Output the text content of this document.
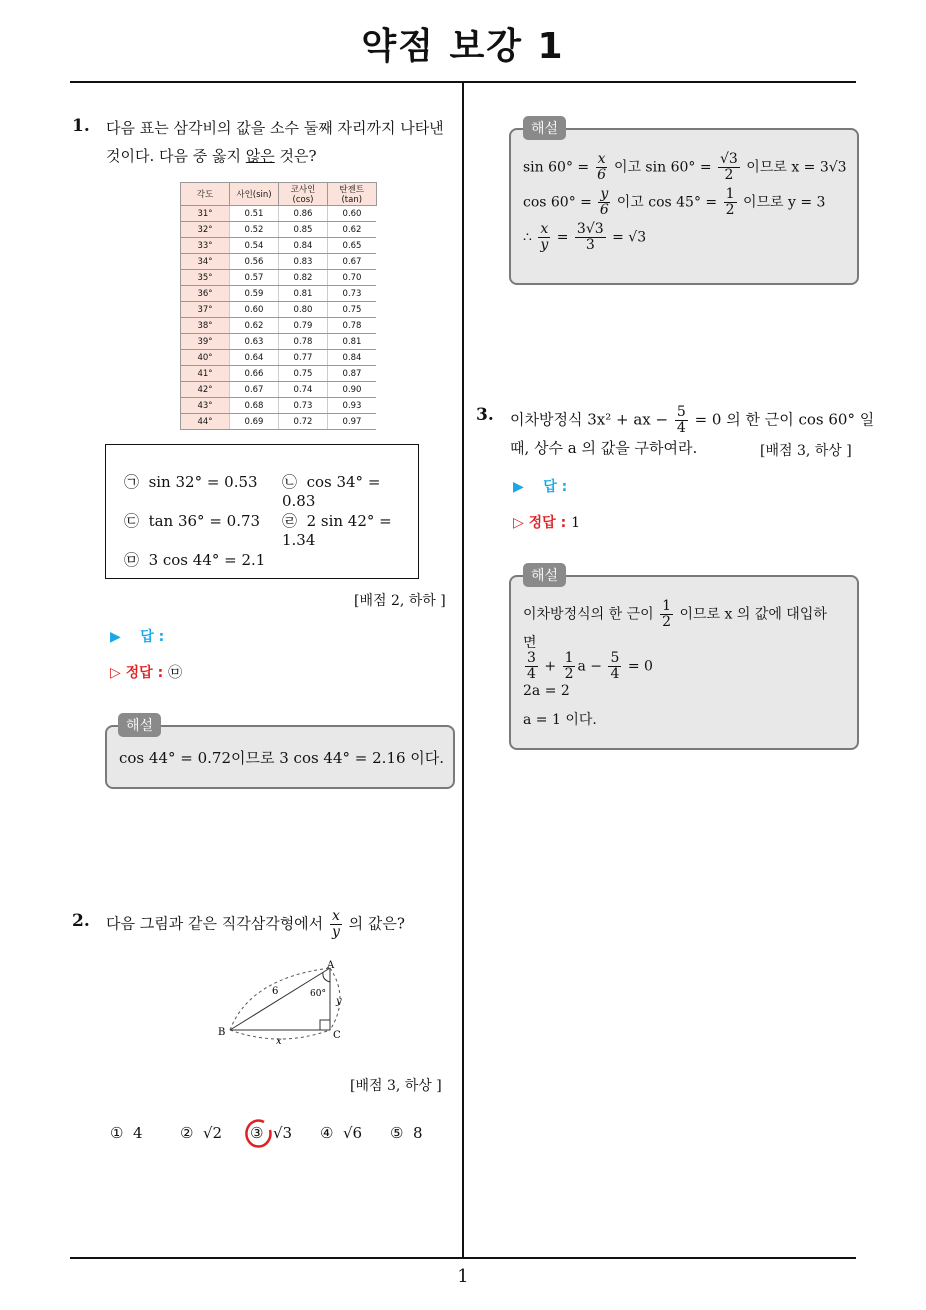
약점 보강 1
1
1. 다음 표는 삼각비의 값을 소수 둘째 자리까지 나타낸
것이다. 다음 중 옳지 않은 것은?
각도	사인(sin)	코사인(cos)	탄젠트(tan)
31°	0.51	0.86	0.60
32°	0.52	0.85	0.62
33°	0.54	0.84	0.65
34°	0.56	0.83	0.67
35°	0.57	0.82	0.70
36°	0.59	0.81	0.73
37°	0.60	0.80	0.75
38°	0.62	0.79	0.78
39°	0.63	0.78	0.81
40°	0.64	0.77	0.84
41°	0.66	0.75	0.87
42°	0.67	0.74	0.90
43°	0.68	0.73	0.93
44°	0.69	0.72	0.97
㉠ sin 32° = 0.53 ㉡ cos 34° = 0.83
㉢ tan 36° = 0.73 ㉣ 2 sin 42° = 1.34
㉤ 3 cos 44° = 2.1
[배점 2, 하하 ]
▶ 답 :
▷ 정답 : ㉤
cos 44° = 0.72이므로 3 cos 44° = 2.16 이다.
해설
2. 다음 그림과 같은 직각삼각형에서 $\frac{x}{y}$ 의 값은?
A
B	C
6	60°
x
y
[배점 3, 하상 ]
① 4 ② √2 ③ √3 ④ √6 ⑤ 8
$\sin 60^\circ = \frac{x}{6}$ 이고 $\sin 60^\circ = \frac{√3}{2}$ 이므로 x = 3√3
$\cos 60^\circ = \frac{y}{6}$ 이고 $\cos 45^\circ = \frac{1}{2}$ 이므로 y = 3
∴ $\frac{x}{y} = \frac{3√3}{3} = √3$
해설
3. 이차방정식 3x² + ax − $\frac{5}{4} = 0$ 의 한 근이 cos 60° 일
때, 상수 a 의 값을 구하여라.	[배점 3, 하상 ]
▶ 답 :
▷ 정답 : 1
이차방정식의 한 근이 $\frac{1}{2}$ 이므로 x 의 값에 대입하
면
$\frac{3}{4} + \frac{1}{2}$ $a - \frac{5}{4} = 0$
2a = 2
a = 1 이다.
해설
